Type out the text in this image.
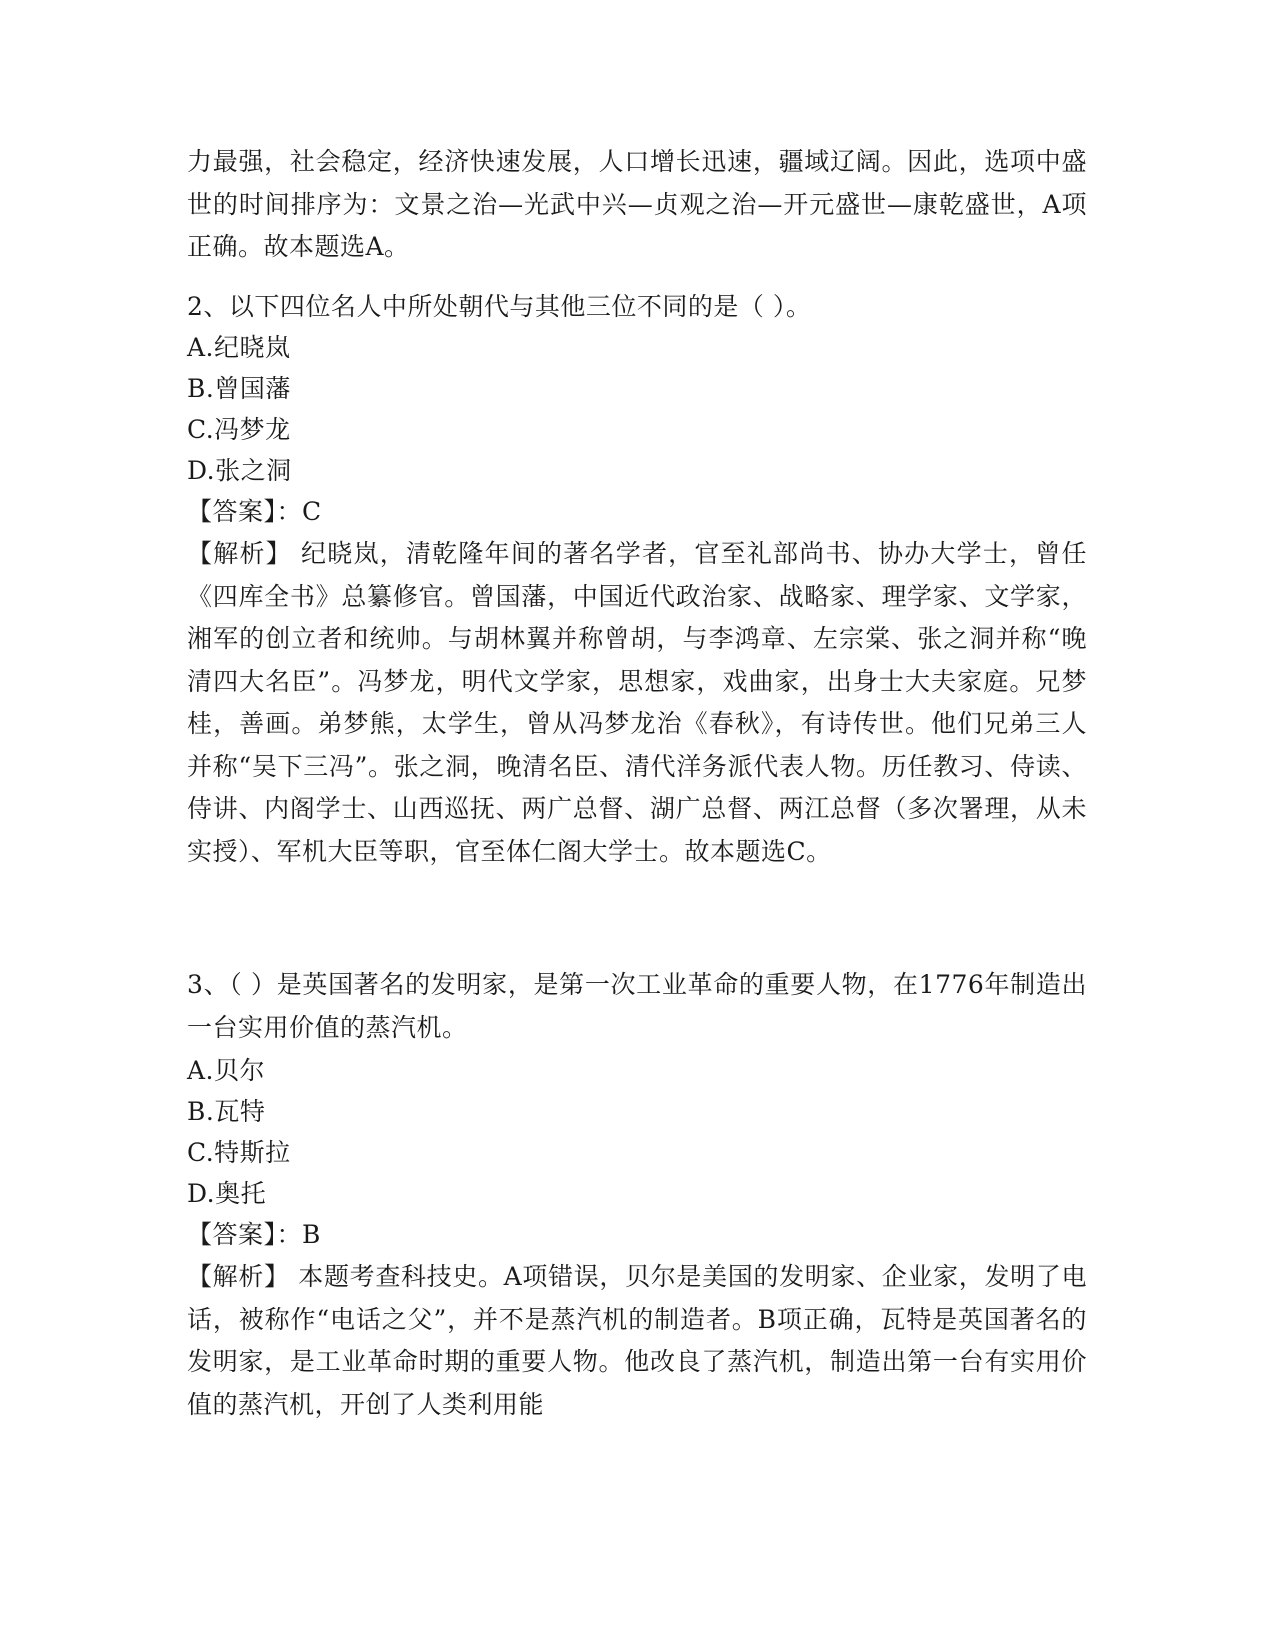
力最强，社会稳定，经济快速发展，人口增长迅速，疆域辽阔。因此，选项中盛世的时间排序为：文景之治—光武中兴—贞观之治—开元盛世—康乾盛世，A项正确。故本题选A。

2、以下四位名人中所处朝代与其他三位不同的是（ ）。

A.纪晓岚

B.曾国藩

C.冯梦龙

D.张之洞

【答案】：C

【解析】 纪晓岚，清乾隆年间的著名学者，官至礼部尚书、协办大学士，曾任《四库全书》总纂修官。曾国藩，中国近代政治家、战略家、理学家、文学家，湘军的创立者和统帅。与胡林翼并称曾胡，与李鸿章、左宗棠、张之洞并称“晚清四大名臣”。冯梦龙，明代文学家，思想家，戏曲家，出身士大夫家庭。兄梦桂，善画。弟梦熊，太学生，曾从冯梦龙治《春秋》，有诗传世。他们兄弟三人并称“吴下三冯”。张之洞，晚清名臣、清代洋务派代表人物。历任教习、侍读、侍讲、内阁学士、山西巡抚、两广总督、湖广总督、两江总督（多次署理，从未实授）、军机大臣等职，官至体仁阁大学士。故本题选C。

3、（ ）是英国著名的发明家，是第一次工业革命的重要人物，在1776年制造出一台实用价值的蒸汽机。

A.贝尔

B.瓦特

C.特斯拉

D.奥托

【答案】：B

【解析】 本题考查科技史。A项错误，贝尔是美国的发明家、企业家，发明了电话，被称作“电话之父”，并不是蒸汽机的制造者。B项正确，瓦特是英国著名的发明家，是工业革命时期的重要人物。他改良了蒸汽机，制造出第一台有实用价值的蒸汽机，开创了人类利用能
